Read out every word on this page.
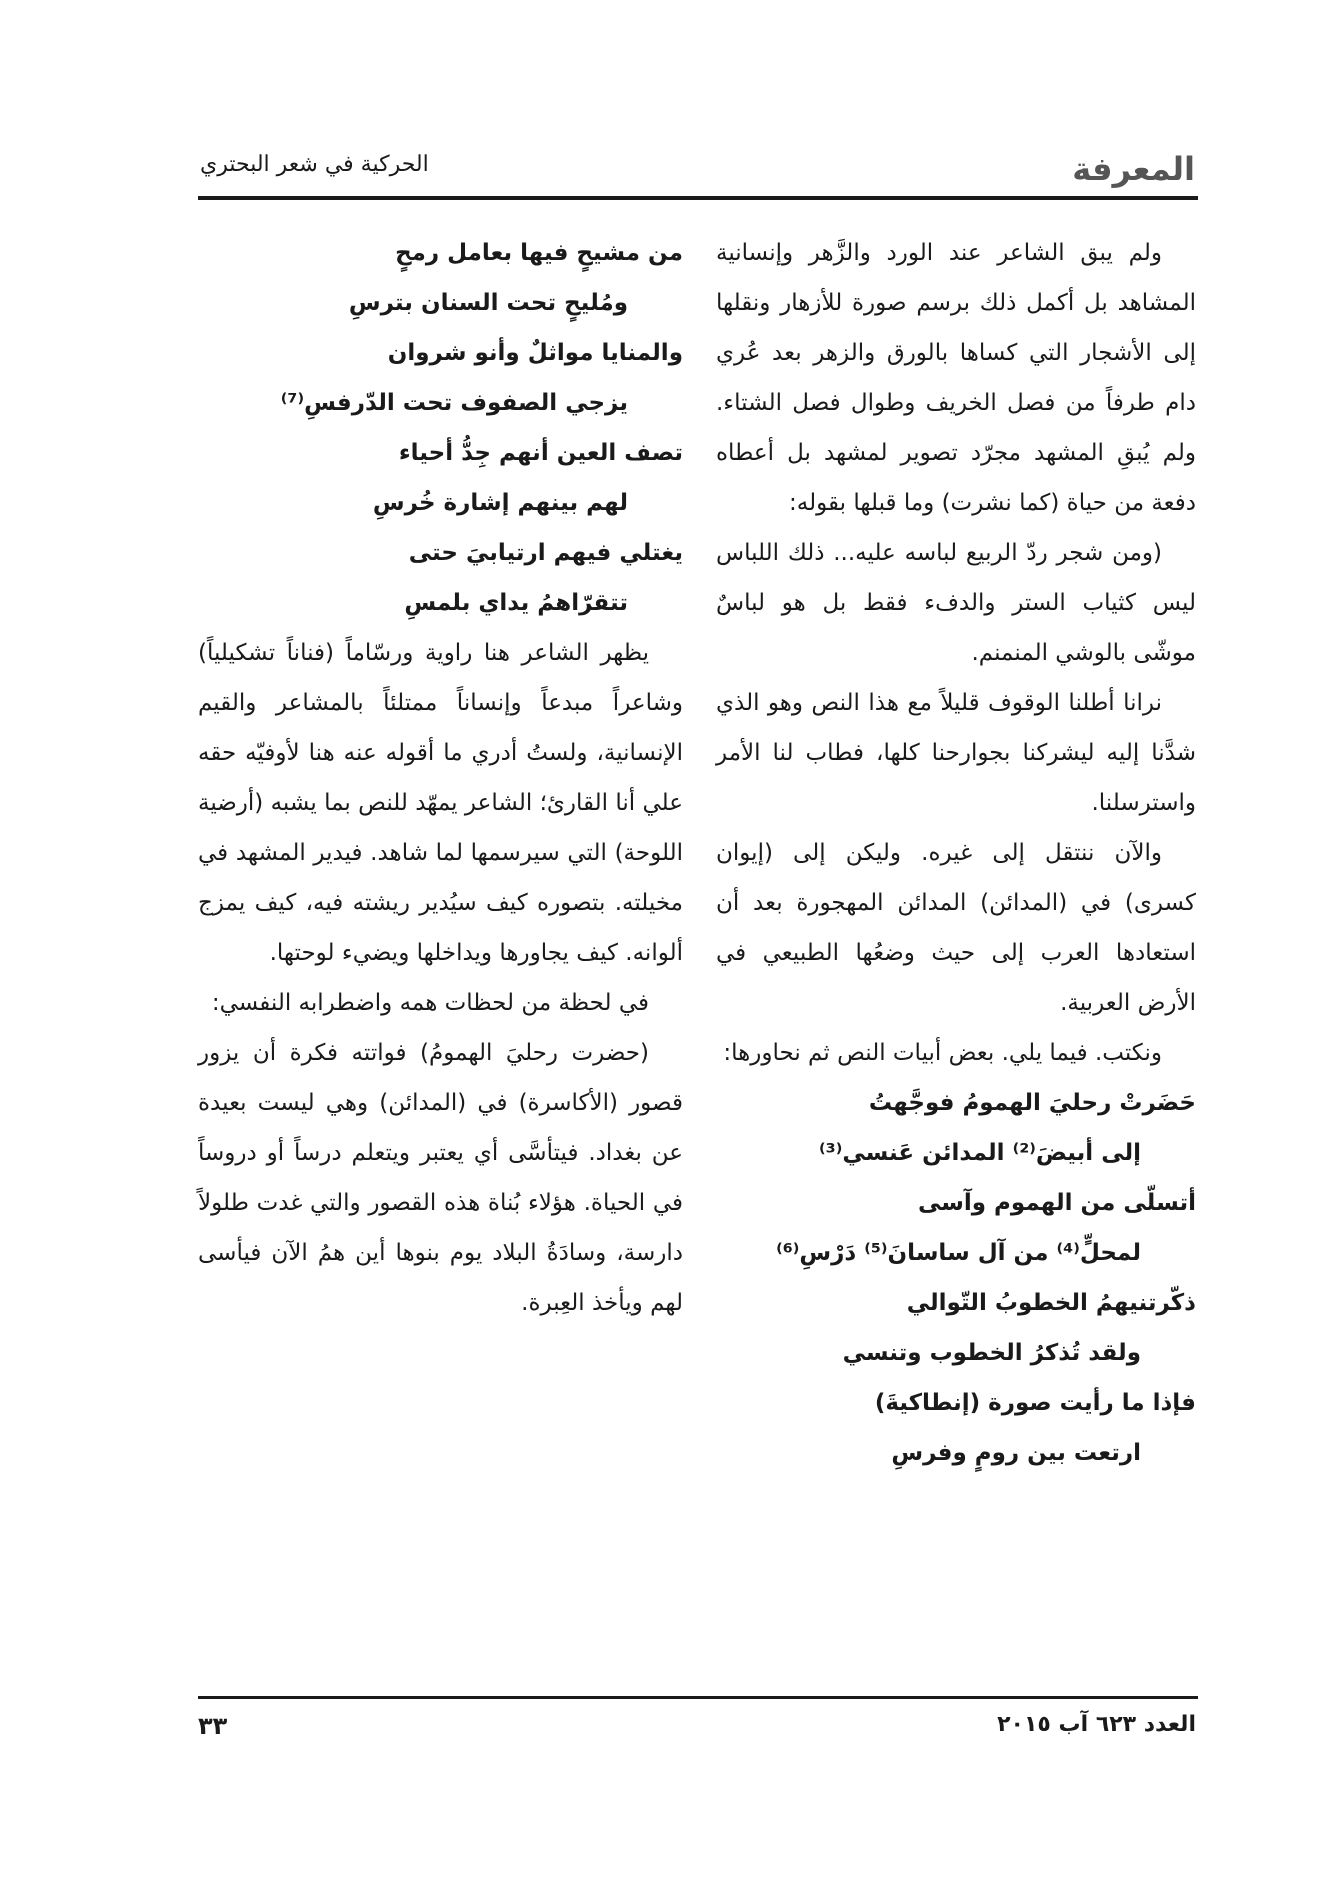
المعرفة
الحركية في شعر البحتري

ولم يبق الشاعر عند الورد والزَّهر وإنسانية المشاهد بل أكمل ذلك برسم صورة للأزهار ونقلها إلى الأشجار التي كساها بالورق والزهر بعد عُري دام طرفاً من فصل الخريف وطوال فصل الشتاء. ولم يُبقِ المشهد مجرّد تصوير لمشهد بل أعطاه دفعة من حياة (كما نشرت) وما قبلها بقوله:

(ومن شجر ردّ الربيع لباسه عليه... ذلك اللباس ليس كثياب الستر والدفء فقط بل هو لباسٌ موشّى بالوشي المنمنم.

نرانا أطلنا الوقوف قليلاً مع هذا النص وهو الذي شدَّنا إليه ليشركنا بجوارحنا كلها، فطاب لنا الأمر واسترسلنا.

والآن ننتقل إلى غيره. وليكن إلى (إيوان كسرى) في (المدائن) المدائن المهجورة بعد أن استعادها العرب إلى حيث وضعُها الطبيعي في الأرض العربية.

ونكتب. فيما يلي. بعض أبيات النص ثم نحاورها:

حَضَرتْ رحليَ الهمومُ فوجَّهتُ

إلى أبيضَ⁽²⁾ المدائن عَنسي⁽³⁾

أتسلّى من الهموم وآسى

لمحلٍّ⁽⁴⁾ من آل ساسانَ⁽⁵⁾ دَرْسِ⁽⁶⁾

ذكّرتنيهمُ الخطوبُ التّوالي

ولقد تُذكرُ الخطوب وتنسي

فإذا ما رأيت صورة (إنطاكيةَ)

ارتعت بين رومٍ وفرسِ

من مشيحٍ فيها بعامل رمحٍ

ومُليحٍ تحت السنان بترسِ

والمنايا مواثلٌ وأنو شروان

يزجي الصفوف تحت الدّرفسِ⁽⁷⁾

تصف العين أنهم جِدُّ أحياء

لهم بينهم إشارة خُرسِ

يغتلي فيهم ارتيابيَ حتى

تتقرّاهمُ يداي بلمسِ

يظهر الشاعر هنا راوية ورسّاماً (فناناً تشكيلياً) وشاعراً مبدعاً وإنساناً ممتلئاً بالمشاعر والقيم الإنسانية، ولستُ أدري ما أقوله عنه هنا لأوفيّه حقه علي أنا القارئ؛ الشاعر يمهّد للنص بما يشبه (أرضية اللوحة) التي سيرسمها لما شاهد. فيدير المشهد في مخيلته. بتصوره كيف سيُدير ريشته فيه، كيف يمزج ألوانه. كيف يجاورها ويداخلها ويضيء لوحتها.

في لحظة من لحظات همه واضطرابه النفسي:

(حضرت رحليَ الهمومُ) فواتته فكرة أن يزور قصور (الأكاسرة) في (المدائن) وهي ليست بعيدة عن بغداد. فيتأسَّى أي يعتبر ويتعلم درساً أو دروساً في الحياة. هؤلاء بُناة هذه القصور والتي غدت طلولاً دارسة، وسادَةُ البلاد يوم بنوها أين همُ الآن فيأسى لهم ويأخذ العِبرة.

العدد ٦٢٣ آب ٢٠١٥
٣٣
